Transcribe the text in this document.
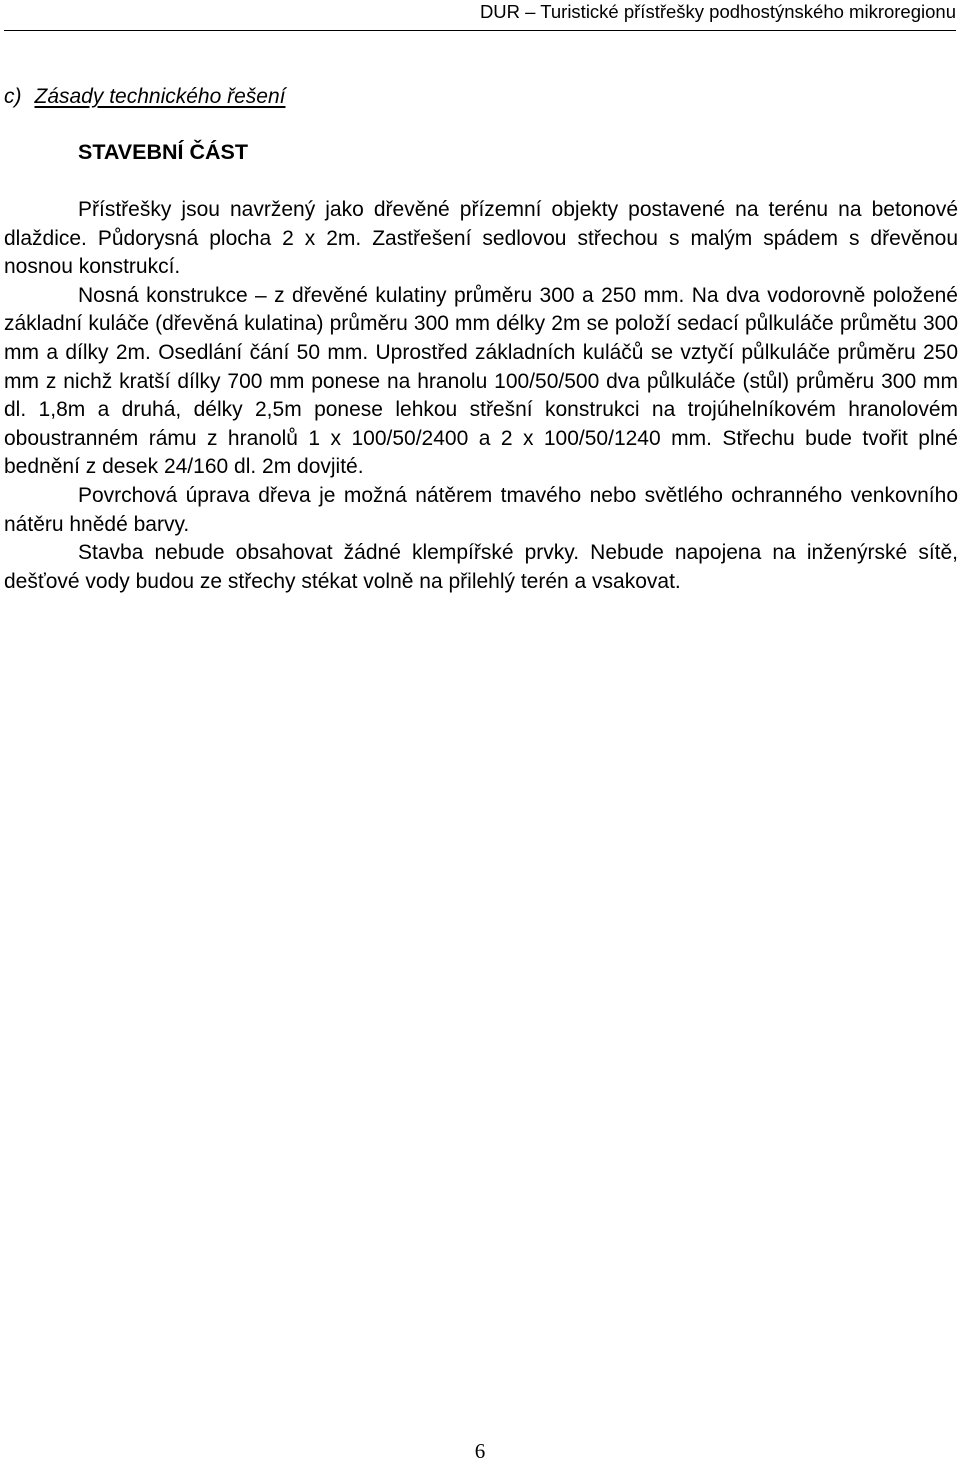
DUR – Turistické přístřešky podhostýnského mikroregionu
c) Zásady technického řešení
STAVEBNÍ ČÁST

Přístřešky jsou navržený jako dřevěné přízemní objekty postavené na terénu na betonové dlaždice. Půdorysná plocha 2 x 2m. Zastřešení sedlovou střechou s malým spádem s dřevěnou nosnou konstrukcí.

Nosná konstrukce – z dřevěné kulatiny průměru 300 a 250 mm. Na dva vodorovně položené základní kuláče (dřevěná kulatina) průměru 300 mm délky 2m se položí sedací půlkuláče průmětu 300 mm a dílky 2m. Osedlání čání 50 mm. Uprostřed základních kuláčů se vztyčí půlkuláče průměru 250 mm z nichž kratší dílky 700 mm ponese na hranolu 100/50/500 dva půlkuláče (stůl) průměru 300 mm dl. 1,8m a druhá, délky 2,5m ponese lehkou střešní konstrukci na trojúhelníkovém hranolovém oboustranném rámu z hranolů 1 x 100/50/2400 a 2 x 100/50/1240 mm. Střechu bude tvořit plné bednění z desek 24/160 dl. 2m dovjité.

Povrchová úprava dřeva je možná nátěrem tmavého nebo světlého ochranného venkovního nátěru hnědé barvy.

Stavba nebude obsahovat žádné klempířské prvky. Nebude napojena na inženýrské sítě, dešťové vody budou ze střechy stékat volně na přilehlý terén a vsakovat.

6
